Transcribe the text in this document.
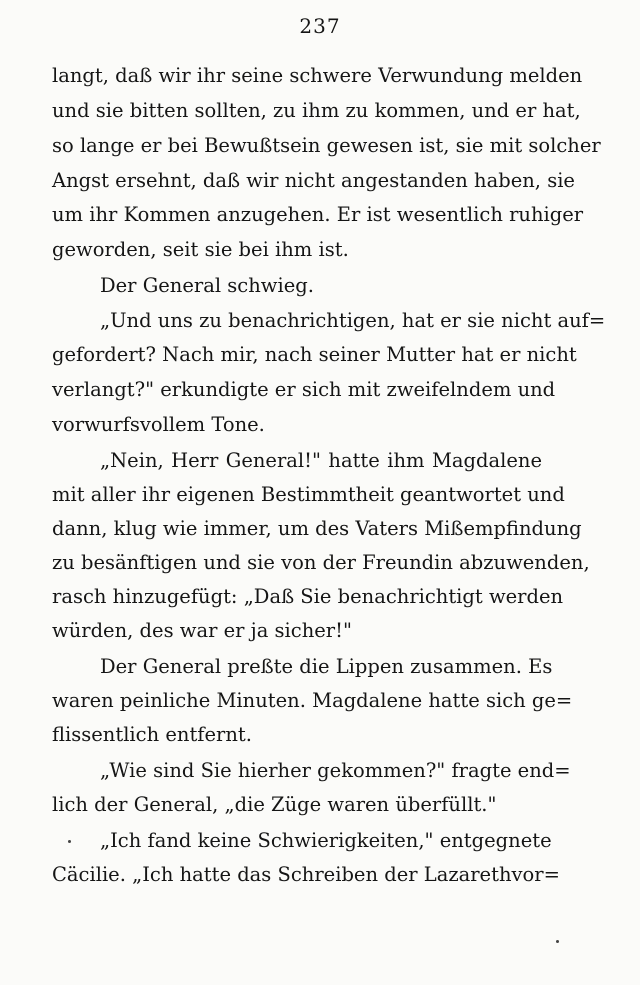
237
langt, daß wir ihr seine schwere Verwundung melden
und sie bitten sollten, zu ihm zu kommen, und er hat,
so lange er bei Bewußtsein gewesen ist, sie mit solcher
Angst ersehnt, daß wir nicht angestanden haben, sie
um ihr Kommen anzugehen. Er ist wesentlich ruhiger
geworden, seit sie bei ihm ist.
Der General schwieg.
„Und uns zu benachrichtigen, hat er sie nicht auf=
gefordert? Nach mir, nach seiner Mutter hat er nicht
verlangt?" erkundigte er sich mit zweifelndem und
vorwurfsvollem Tone.
„Nein, Herr General!" hatte ihm Magdalene
mit aller ihr eigenen Bestimmtheit geantwortet und
dann, klug wie immer, um des Vaters Mißempfindung
zu besänftigen und sie von der Freundin abzuwenden,
rasch hinzugefügt: „Daß Sie benachrichtigt werden
würden, des war er ja sicher!"
Der General preßte die Lippen zusammen. Es
waren peinliche Minuten. Magdalene hatte sich ge=
flissentlich entfernt.
„Wie sind Sie hierher gekommen?" fragte end=
lich der General, „die Züge waren überfüllt."
„Ich fand keine Schwierigkeiten," entgegnete
Cäcilie. „Ich hatte das Schreiben der Lazarethvor=
